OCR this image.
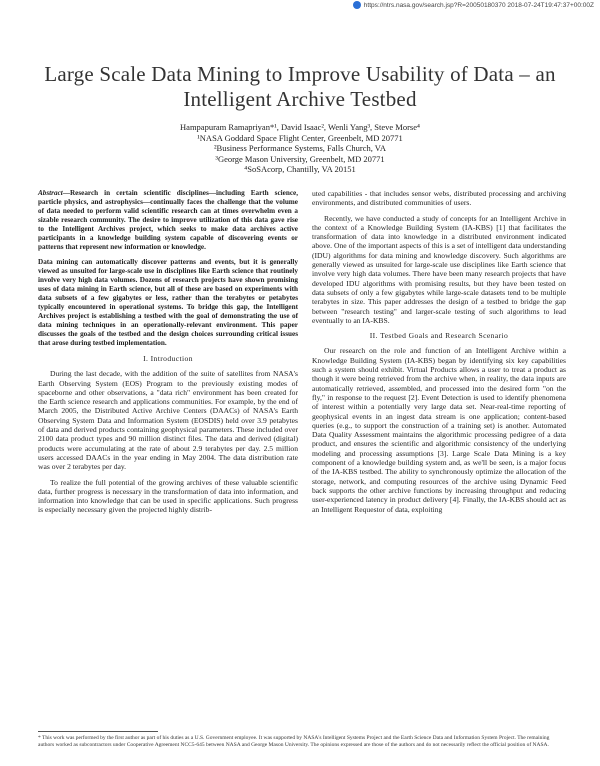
https://ntrs.nasa.gov/search.jsp?R=20050180370 2018-07-24T19:47:37+00:00Z
Large Scale Data Mining to Improve Usability of Data – an Intelligent Archive Testbed
Hampapuram Ramapriyan*¹, David Isaac², Wenli Yang³, Steve Morse⁴
¹NASA Goddard Space Flight Center, Greenbelt, MD 20771
²Business Performance Systems, Falls Church, VA
³George Mason University, Greenbelt, MD 20771
⁴SoSAcorp, Chantilly, VA 20151

Abstract—Research in certain scientific disciplines—including Earth science, particle physics, and astrophysics—continually faces the challenge that the volume of data needed to perform valid scientific research can at times overwhelm even a sizable research community. The desire to improve utilization of this data gave rise to the Intelligent Archives project, which seeks to make data archives active participants in a knowledge building system capable of discovering events or patterns that represent new information or knowledge.

Data mining can automatically discover patterns and events, but it is generally viewed as unsuited for large-scale use in disciplines like Earth science that routinely involve very high data volumes. Dozens of research projects have shown promising uses of data mining in Earth science, but all of these are based on experiments with data subsets of a few gigabytes or less, rather than the terabytes or petabytes typically encountered in operational systems. To bridge this gap, the Intelligent Archives project is establishing a testbed with the goal of demonstrating the use of data mining techniques in an operationally-relevant environment. This paper discusses the goals of the testbed and the design choices surrounding critical issues that arose during testbed implementation.

I. Introduction

During the last decade, with the addition of the suite of satellites from NASA's Earth Observing System (EOS) Program to the previously existing modes of spaceborne and other observations, a "data rich" environment has been created for the Earth science research and applications communities. For example, by the end of March 2005, the Distributed Active Archive Centers (DAACs) of NASA's Earth Observing System Data and Information System (EOSDIS) held over 3.9 petabytes of data and derived products containing geophysical parameters. These included over 2100 data product types and 90 million distinct files. The data and derived (digital) products were accumulating at the rate of about 2.9 terabytes per day. 2.5 million users accessed DAACs in the year ending in May 2004. The data distribution rate was over 2 terabytes per day.

To realize the full potential of the growing archives of these valuable scientific data, further progress is necessary in the transformation of data into information, and information into knowledge that can be used in specific applications. Such progress is especially necessary given the projected highly distrib-

uted capabilities - that includes sensor webs, distributed processing and archiving environments, and distributed communities of users.

Recently, we have conducted a study of concepts for an Intelligent Archive in the context of a Knowledge Building System (IA-KBS) [1] that facilitates the transformation of data into knowledge in a distributed environment indicated above. One of the important aspects of this is a set of intelligent data understanding (IDU) algorithms for data mining and knowledge discovery. Such algorithms are generally viewed as unsuited for large-scale use disciplines like Earth science that involve very high data volumes. There have been many research projects that have developed IDU algorithms with promising results, but they have been tested on data subsets of only a few gigabytes while large-scale datasets tend to be multiple terabytes in size. This paper addresses the design of a testbed to bridge the gap between "research testing" and larger-scale testing of such algorithms to lead eventually to an IA-KBS.

II. Testbed Goals and Research Scenario

Our research on the role and function of an Intelligent Archive within a Knowledge Building System (IA-KBS) began by identifying six key capabilities such a system should exhibit. Virtual Products allows a user to treat a product as though it were being retrieved from the archive when, in reality, the data inputs are automatically retrieved, assembled, and processed into the desired form "on the fly," in response to the request [2]. Event Detection is used to identify phenomena of interest within a potentially very large data set. Near-real-time reporting of geophysical events in an ingest data stream is one application; content-based queries (e.g., to support the construction of a training set) is another. Automated Data Quality Assessment maintains the algorithmic processing pedigree of a data product, and ensures the scientific and algorithmic consistency of the underlying modeling and processing assumptions [3]. Large Scale Data Mining is a key component of a knowledge building system and, as we'll be seen, is a major focus of the IA-KBS testbed. The ability to synchronously optimize the allocation of the storage, network, and computing resources of the archive using Dynamic Feed back supports the other archive functions by increasing throughput and reducing user-experienced latency in product delivery [4]. Finally, the IA-KBS should act as an Intelligent Requestor of data, exploiting

* This work was performed by the first author as part of his duties as a U.S. Government employee. It was supported by NASA's Intelligent Systems Project and the Earth Science Data and Information System Project. The remaining authors worked as subcontractors under Cooperative Agreement NCC5-645 between NASA and George Mason University. The opinions expressed are those of the authors and do not necessarily reflect the official position of NASA.
